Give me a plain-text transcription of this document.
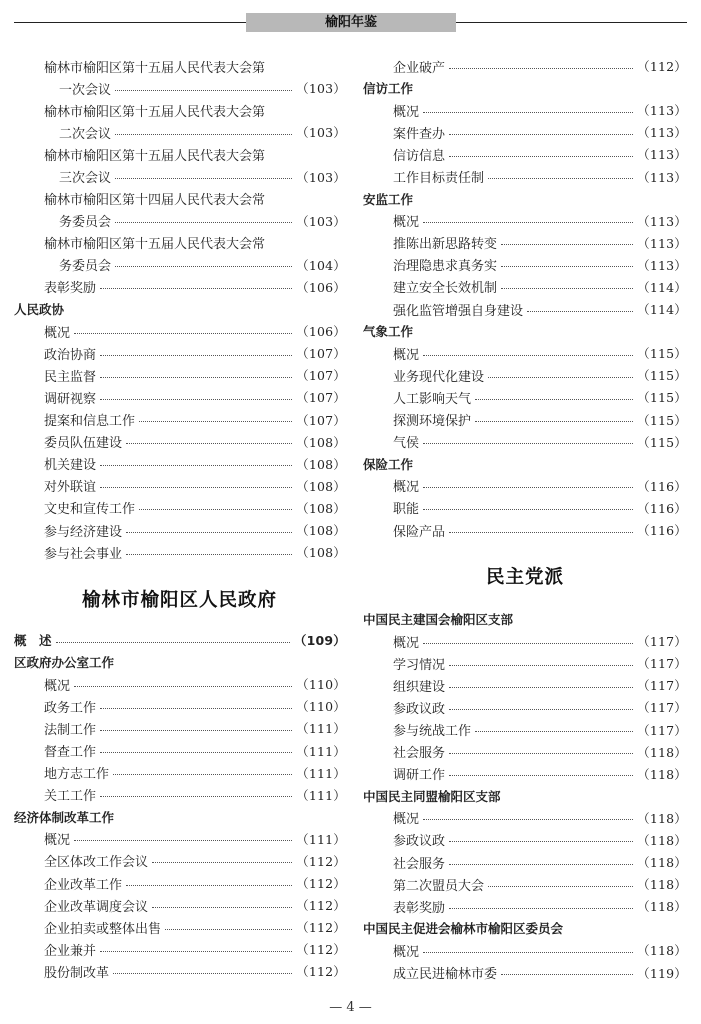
榆阳年鉴
榆林市榆阳区第十五届人民代表大会第
一次会议	（103）
榆林市榆阳区第十五届人民代表大会第
二次会议	（103）
榆林市榆阳区第十五届人民代表大会第
三次会议	（103）
榆林市榆阳区第十四届人民代表大会常
务委员会	（103）
榆林市榆阳区第十五届人民代表大会常
务委员会	（104）
表彰奖励	（106）
人民政协
概况	（106）
政治协商	（107）
民主监督	（107）
调研视察	（107）
提案和信息工作	（107）
委员队伍建设	（108）
机关建设	（108）
对外联谊	（108）
文史和宣传工作	（108）
参与经济建设	（108）
参与社会事业	（108）
榆林市榆阳区人民政府
概　述	（109）
区政府办公室工作
概况	（110）
政务工作	（110）
法制工作	（111）
督查工作	（111）
地方志工作	（111）
关工工作	（111）
经济体制改革工作
概况	（111）
全区体改工作会议	（112）
企业改革工作	（112）
企业改革调度会议	（112）
企业拍卖或整体出售	（112）
企业兼并	（112）
股份制改革	（112）
企业破产	（112）
信访工作
概况	（113）
案件查办	（113）
信访信息	（113）
工作目标责任制	（113）
安监工作
概况	（113）
推陈出新思路转变	（113）
治理隐患求真务实	（113）
建立安全长效机制	（114）
强化监管增强自身建设	（114）
气象工作
概况	（115）
业务现代化建设	（115）
人工影响天气	（115）
探测环境保护	（115）
气侯	（115）
保险工作
概况	（116）
职能	（116）
保险产品	（116）
民主党派
中国民主建国会榆阳区支部
概况	（117）
学习情况	（117）
组织建设	（117）
参政议政	（117）
参与统战工作	（117）
社会服务	（118）
调研工作	（118）
中国民主同盟榆阳区支部
概况	（118）
参政议政	（118）
社会服务	（118）
第二次盟员大会	（118）
表彰奖励	（118）
中国民主促进会榆林市榆阳区委员会
概况	（118）
成立民进榆林市委	（119）
— 4 —
